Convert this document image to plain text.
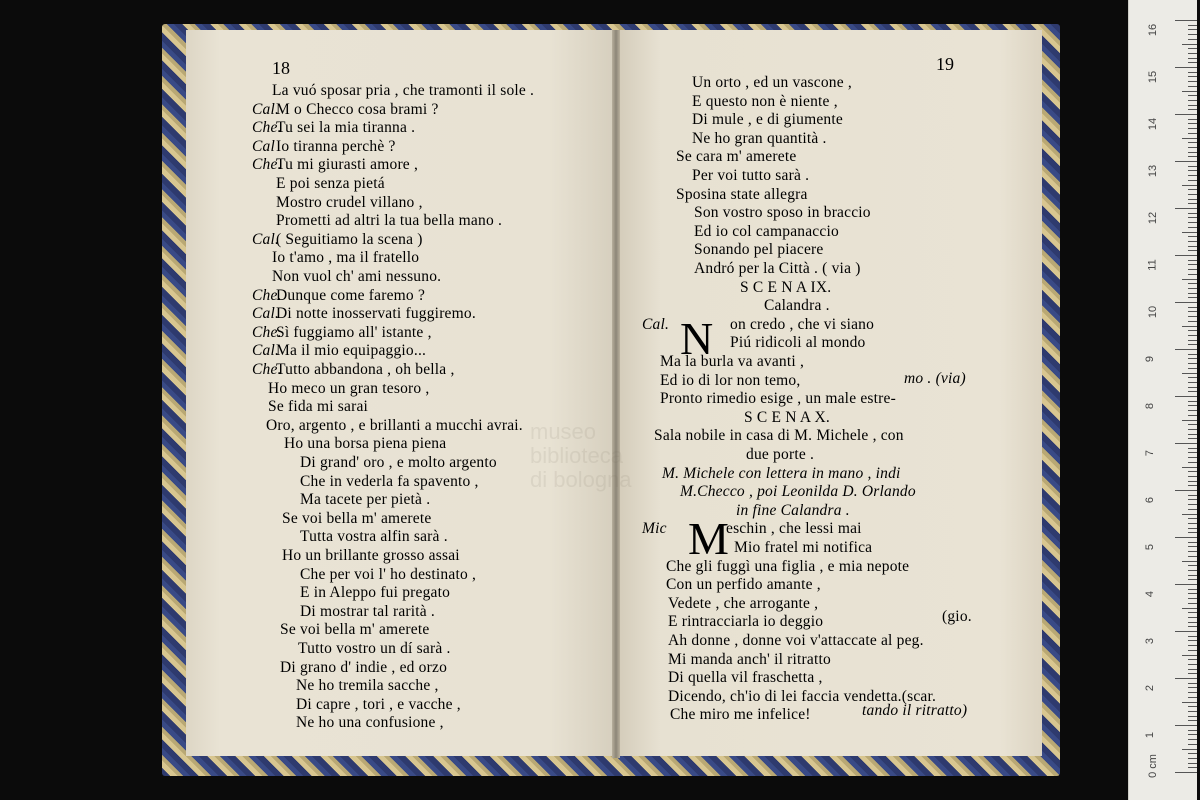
18	19
La vuó sposar pria , che tramonti il sole .
Cal.
M o Checco cosa brami ?
Che.
Tu sei la mia tiranna .
Cal Io tiranna perchè ?
Che.
Tu mi giurasti amore ,
E poi senza pietá
Mostro crudel villano ,
Prometti ad altri la tua bella mano .
Cal.
( Seguitiamo la scena )
Io t'amo , ma il fratello
Non vuol ch' ami nessuno.
Che.
Dunque come faremo ?
Cal.
Di notte inosservati fuggiremo.
Che.
Sì fuggiamo all' istante ,
Cal.
Ma il mio equipaggio...
Che.
Tutto abbandona , oh bella ,
Ho meco un gran tesoro ,
Se fida mi sarai
Oro, argento , e brillanti a mucchi avrai.
Ho una borsa piena piena
Di grand' oro , e molto argento
Che in vederla fa spavento ,
Ma tacete per pietà .
Se voi bella m' amerete
Tutta vostra alfin sarà .
Ho un brillante grosso assai
Che per voi l' ho destinato ,
E in Aleppo fui pregato
Di mostrar tal rarità .
Se voi bella m' amerete
Tutto vostro un dí sarà .
Di grano d' indie , ed orzo
Ne ho tremila sacche ,
Di capre , tori , e vacche ,
Ne ho una confusione ,
Un orto , ed un vascone ,
E questo non è niente ,
Di mule , e di giumente
Ne ho gran quantità .
Se cara m' amerete
Per voi tutto sarà .
Sposina state allegra
Son vostro sposo in braccio
Ed io col campanaccio
Sonando pel piacere
Andró per la Città . ( via )
S C E N A IX.
Calandra .
Cal.	on credo , che vi siano
Piú ridicoli al mondo
Ma la burla va avanti ,
Ed io di lor non temo,
Pronto rimedio esige , un male estre-
S C E N A X.
Sala nobile in casa di M. Michele , con
due porte .
M. Michele con lettera in mano , indi
M.Checco , poi Leonilda D. Orlando
in fine Calandra .
Mic	eschin , che lessi mai
Mio fratel mi notifica
Che gli fuggì una figlia , e mia nepote
Con un perfido amante ,
Vedete , che arrogante ,
E rintracciarla io deggio
Ah donne , donne voi v'attaccate al peg.
Mi manda anch' il ritratto
Di quella vil fraschetta ,
Dicendo, ch'io di lei faccia vendetta.(scar.
Che miro me infelice!
N
M
mo . (via)
(gio.
tando il ritratto)
museo
biblioteca
di bologna
16
15
14
13
12
11
10
9
8
7
6
5
4
3
2
1
0 cm
